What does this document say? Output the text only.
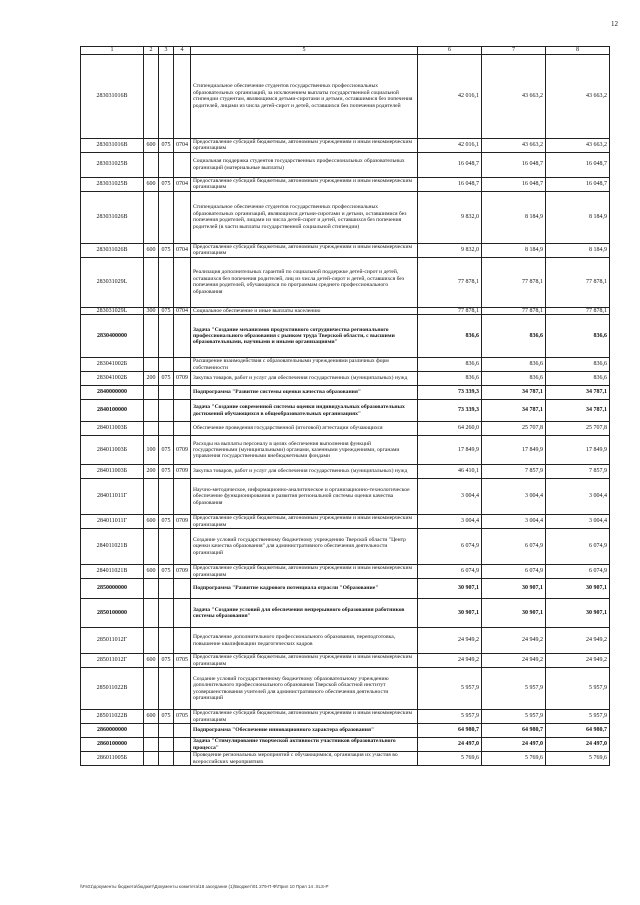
12
1	2	3	4	5	6	7	8
283031016В				Стипендиальное обеспечение студентов государственных профессиональных образовательных организаций, за исключением выплаты государственной социальной стипендии студентам, являющимся детьми-сиротами и детьми, оставшимися без попечения родителей, лицами из числа детей-сирот и детей, оставшихся без попечения родителей	42 016,1	43 663,2	43 663,2
283031016В	600	075	0704	Предоставление субсидий бюджетным, автономным учреждениям и иным некоммерческим организациям	42 016,1	43 663,2	43 663,2
283031025В				Социальная поддержка студентов государственных профессиональных образовательных организаций (материальные выплаты)	16 048,7	16 048,7	16 048,7
283031025В	600	075	0704	Предоставление субсидий бюджетным, автономным учреждениям и иным некоммерческим организациям	16 048,7	16 048,7	16 048,7
283031026В				Стипендиальное обеспечение студентов государственных профессиональных образовательных организаций, являющихся детьми-сиротами и детьми, оставшимися без попечения родителей, лицами из числа детей-сирот и детей, оставшихся без попечения родителей (в части выплаты государственной социальной стипендии)	9 832,0	8 184,9	8 184,9
283031026В	600	075	0704	Предоставление субсидий бюджетным, автономным учреждениям и иным некоммерческим организациям	9 832,0	8 184,9	8 184,9
283031029L				Реализация дополнительных гарантий по социальной поддержке детей-сирот и детей, оставшихся без попечения родителей, лиц из числа детей-сирот и детей, оставшихся без попечения родителей, обучающихся по программам среднего профессионального образования	77 878,1	77 878,1	77 878,1
283031029L	300	075	0704	Социальное обеспечение и иные выплаты населению	77 878,1	77 878,1	77 878,1
2830400000				Задача "Создание механизмов продуктивного сотрудничества регионального профессионального образования с рынком труда Тверской области, с высшими образовательными, научными и иными организациями"	836,6	836,6	836,6
283041002Б				Расширение взаимодействия с образовательными учреждениями различных форм собственности	836,6	836,6	836,6
283041002Б	200	075	0709	Закупка товаров, работ и услуг для обеспечения государственных (муниципальных) нужд	836,6	836,6	836,6
2840000000				Подпрограмма "Развитие системы оценки качества образования"	73 339,3	34 787,1	34 787,1
2840100000				Задача "Создание современной системы оценки индивидуальных образовательных достижений обучающихся в общеобразовательных организациях"	73 339,3	34 787,1	34 787,1
284011003Б				Обеспечение проведения государственной (итоговой) аттестации обучающихся	64 260,0	25 707,8	25 707,8
284011003Б	100	075	0709	Расходы на выплаты персоналу в целях обеспечения выполнения функций государственными (муниципальными) органами, казенными учреждениями, органами управления государственными внебюджетными фондами	17 849,9	17 849,9	17 849,9
284011003Б	200	075	0709	Закупка товаров, работ и услуг для обеспечения государственных (муниципальных) нужд	46 410,1	7 857,9	7 857,9
284011011Г				Научно-методическое, информационно-аналитическое и организационно-технологическое обеспечение функционирования и развития региональной системы оценки качества образования	3 004,4	3 004,4	3 004,4
284011011Г	600	075	0709	Предоставление субсидий бюджетным, автономным учреждениям и иным некоммерческим организациям	3 004,4	3 004,4	3 004,4
284011021В				Создание условий государственному бюджетному учреждению Тверской области "Центр оценки качества образования" для административного обеспечения деятельности организаций	6 074,9	6 074,9	6 074,9
284011021В	600	075	0709	Предоставление субсидий бюджетным, автономным учреждениям и иным некоммерческим организациям	6 074,9	6 074,9	6 074,9
2850000000				Подпрограмма "Развитие кадрового потенциала отрасли "Образование"	30 907,1	30 907,1	30 907,1
2850100000				Задача "Создание условий для обеспечения непрерывного образования работников системы образования"	30 907,1	30 907,1	30 907,1
285011012Г				Предоставление дополнительного профессионального образования, переподготовка, повышение квалификации педагогических кадров	24 949,2	24 949,2	24 949,2
285011012Г	600	075	0705	Предоставление субсидий бюджетным, автономным учреждениям и иным некоммерческим организациям	24 949,2	24 949,2	24 949,2
285011022В				Создание условий государственному бюджетному образовательному учреждению дополнительного профессионального образования Тверской областной институт усовершенствования учителей для административного обеспечения деятельности организаций	5 957,9	5 957,9	5 957,9
285011022В	600	075	0705	Предоставление субсидий бюджетным, автономным учреждениям и иным некоммерческим организациям	5 957,9	5 957,9	5 957,9
2860000000				Подпрограмма "Обеспечение инновационного характера образования"	64 980,7	64 980,7	64 980,7
2860100000				Задача "Стимулирование творческой активности участников образовательного процесса"	24 497,0	24 497,0	24 497,0
286011005Б				Проведение региональных мероприятий с обучающимися, организация их участия во всероссийских мероприятиях	5 769,6	5 769,6	5 769,6
\\Fs01\документы бюджета\бюджет\Документы комитета\18 заседание (1)\Бюджет\01 279-П-Ф\Прил 10 Прил 14 .XLS-P
